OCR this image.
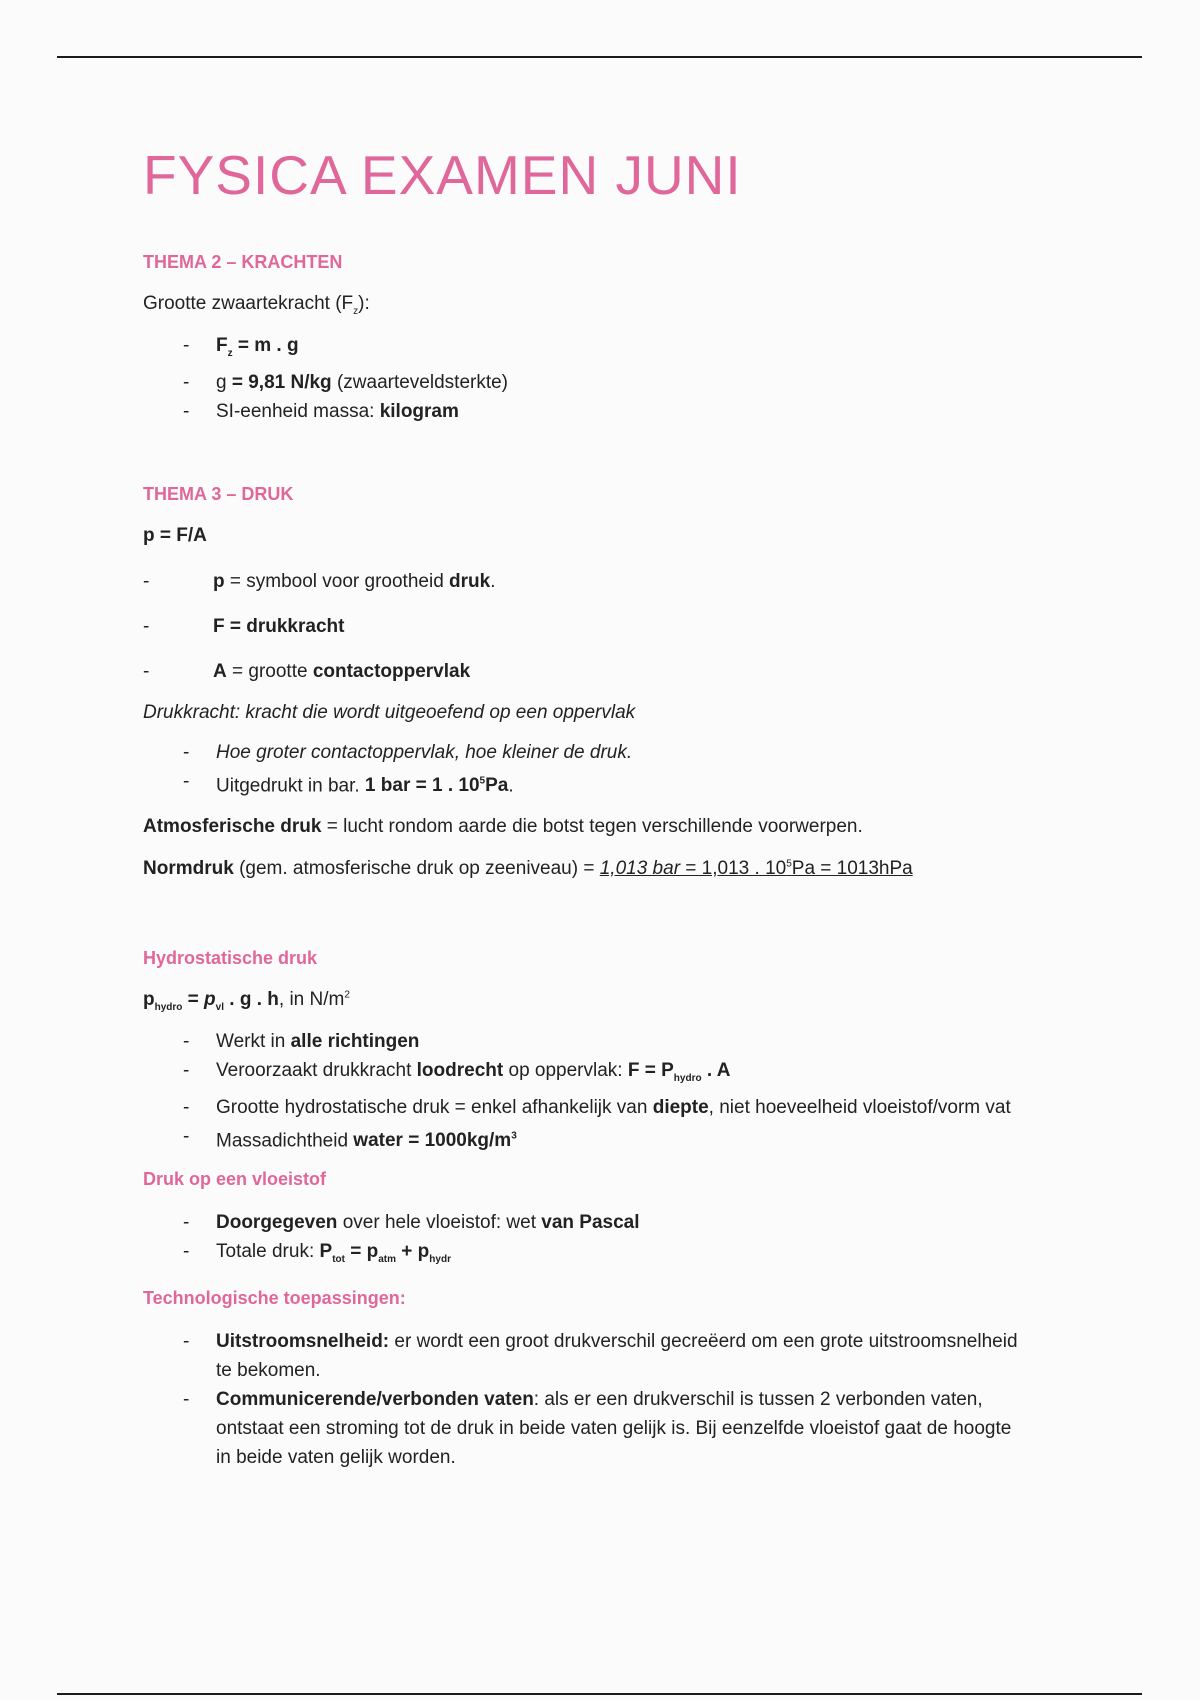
FYSICA EXAMEN JUNI
THEMA 2 – KRACHTEN

Grootte zwaartekracht $(F_z)$:

- $F_z = m$ . g
- g = 9,81 N/kg (zwaarteveldsterkte)
- SI-eenheid massa: kilogram
THEMA 3 – DRUK

p = F/A

- p = symbool voor grootheid druk.
- F = drukkracht
- A = grootte contactoppervlak

Drukkracht: kracht die wordt uitgeoefend op een oppervlak

- Hoe groter contactoppervlak, hoe kleiner de druk.
- Uitgedrukt in bar. 1 bar = 1 . $10^5Pa$.

Atmosferische druk = lucht rondom aarde die botst tegen verschillende voorwerpen.

Normdruk (gem. atmosferische druk op zeeniveau) = 1,013 bar = 1,013 . $10^5Pa = 1013hPa$

Hydrostatische druk

$p_{hydro} = p_{vl}$ . g . h, in $N/m^2$

- Werkt in alle richtingen
- Veroorzaakt drukkracht loodrecht op oppervlak: $F = P_{hydro}$ . A
- Grootte hydrostatische druk = enkel afhankelijk van diepte, niet hoeveelheid vloeistof/vorm vat
- Massadichtheid water = $1000kg/m^3$
Druk op een vloeistof
- Doorgegeven over hele vloeistof: wet van Pascal
- Totale druk: $P_{tot} = p_{atm} + p_{hydr}$
Technologische toepassingen:
- Uitstroomsnelheid: er wordt een groot drukverschil gecreëerd om een grote uitstroomsnelheid te bekomen.
- Communicerende/verbonden vaten: als er een drukverschil is tussen 2 verbonden vaten, ontstaat een stroming tot de druk in beide vaten gelijk is. Bij eenzelfde vloeistof gaat de hoogte in beide vaten gelijk worden.
